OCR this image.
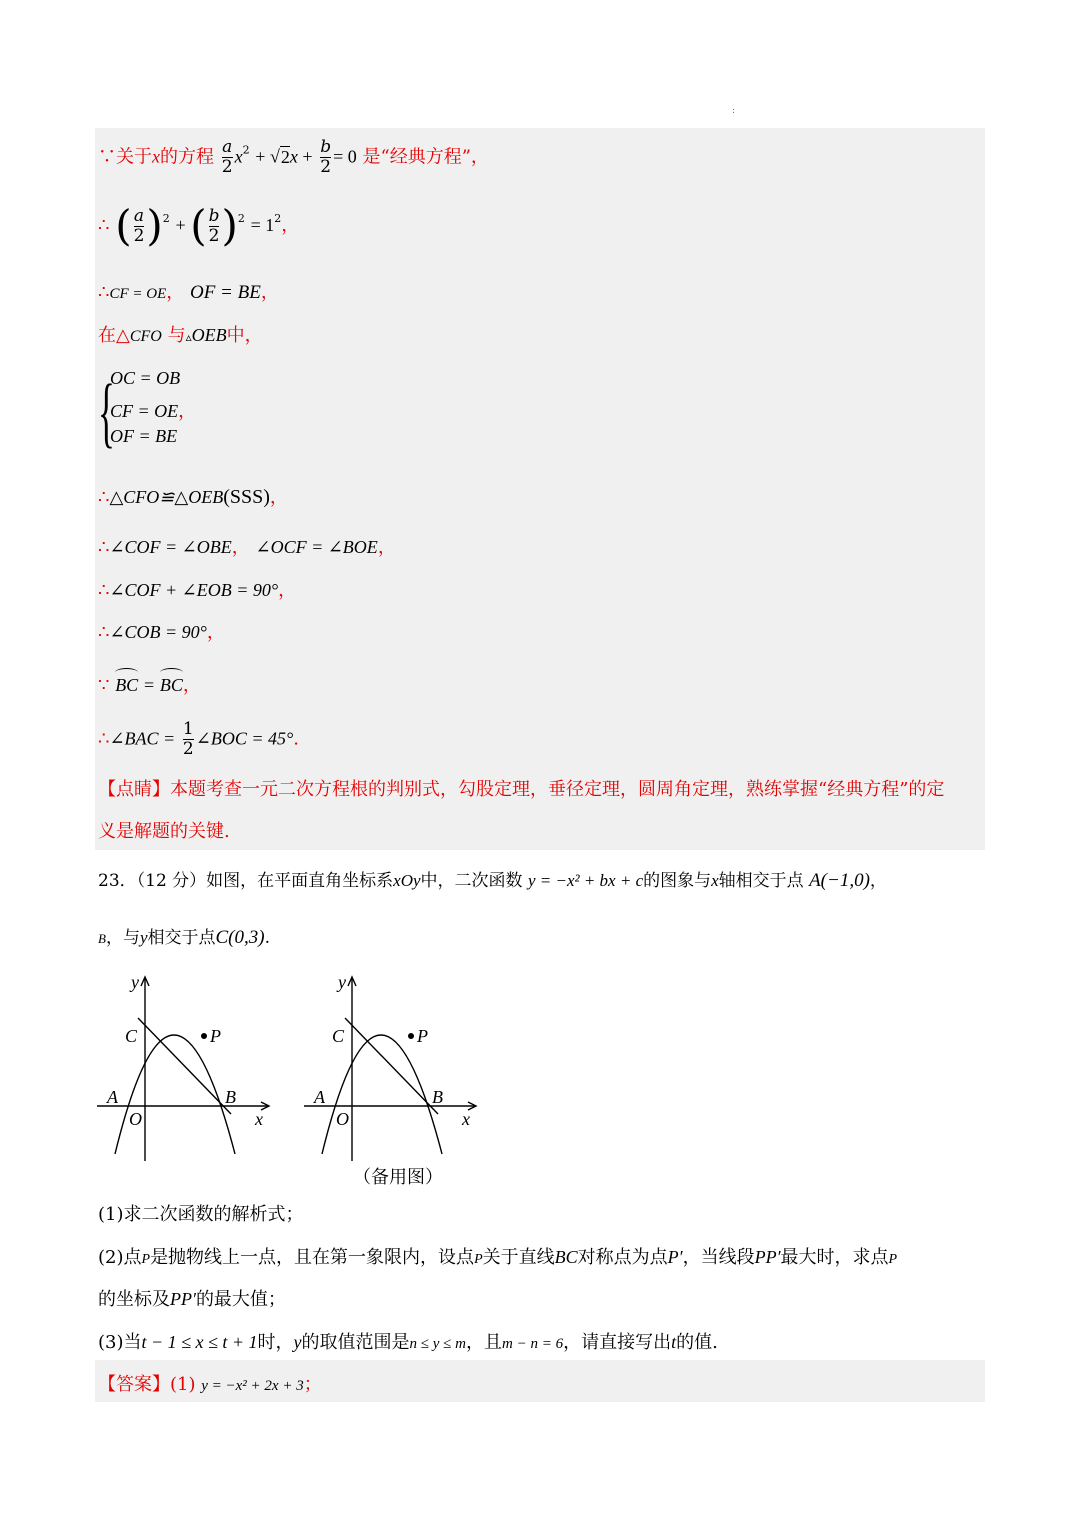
:
∵关于x的方程 $\frac{a}{2} x^2 + √2x + \frac{b}{2} = 0$ 是“经典方程”，
∴ ( $\frac{a}{2} )^2$ + ( $\frac{b}{2} )^2 = 1^2$，
∴CF = OE， OF = BE，
在△CFO 与▵OEB中，
{
OC = OB
CF = OE，
OF = BE
∴△CFO≌△OEB(SSS)，
∴∠COF = ∠OBE， ∠OCF = ∠BOE，
∴∠COF + ∠EOB = 90°，
∴∠COB = 90°，
∵ BC = BC，
∴∠BAC = $\frac{1}{2}$ ∠BOC = 45°.
【点睛】本题考查一元二次方程根的判别式，勾股定理，垂径定理，圆周角定理，熟练掌握“经典方程”的定
义是解题的关键.
23．（12 分）如图，在平面直角坐标系xOy中，二次函数 y = −x² + bx + c的图象与x轴相交于点 A(−1,0)，
B，与y相交于点C(0,3).
y
C	P
A
O
B
x
y
C	P
A
O
B
x
（备用图）
(1)求二次函数的解析式；
(2)点P是抛物线上一点，且在第一象限内，设点P关于直线BC对称点为点P′，当线段PP′最大时，求点P
的坐标及PP′的最大值；
(3)当t − 1 ≤ x ≤ t + 1时，y的取值范围是n ≤ y ≤ m，且m − n = 6，请直接写出t的值.
【答案】(1) y = −x² + 2x + 3；
